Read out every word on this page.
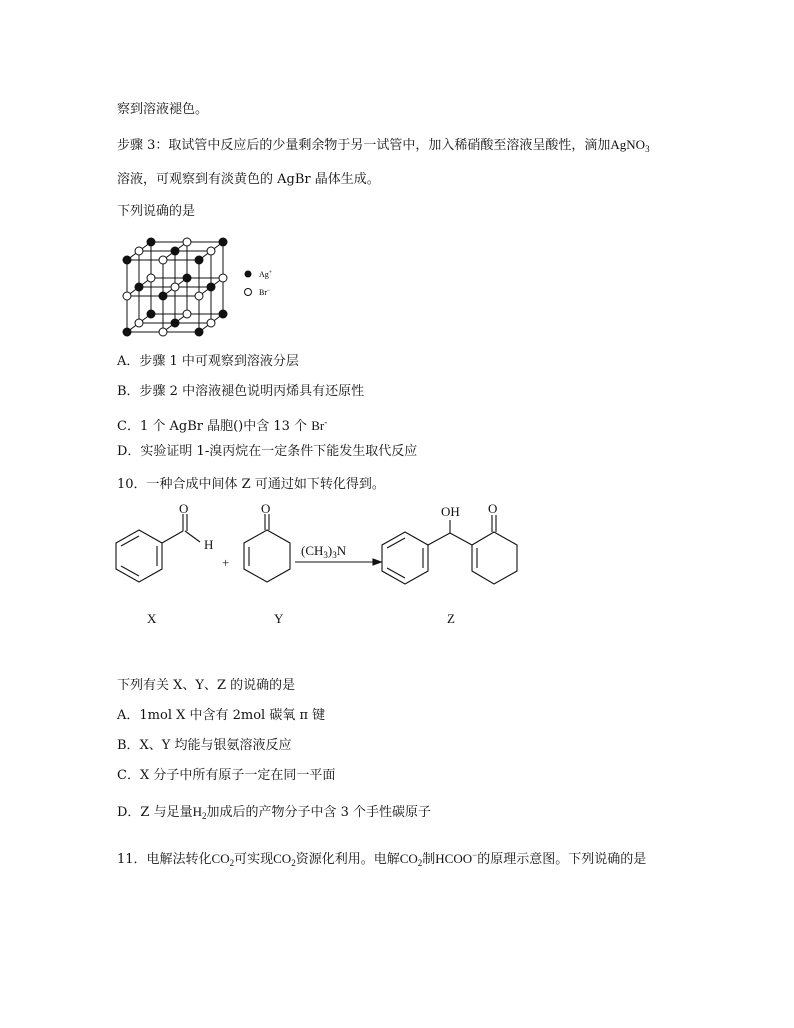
察到溶液褪色。
步骤 3：取试管中反应后的少量剩余物于另一试管中，加入稀硝酸至溶液呈酸性，滴加AgNO$_3$
溶液，可观察到有淡黄色的 AgBr 晶体生成。
下列说确的是
Ag+
Br−
A．步骤 1 中可观察到溶液分层
B．步骤 2 中溶液褪色说明丙烯具有还原性
C．1 个 AgBr 晶胞()中含 13 个 Br-
D．实验证明 1-溴丙烷在一定条件下能发生取代反应
10．一种合成中间体 Z 可通过如下转化得到。
O
H
+
O
$(CH_3)_3N$
OH O
X	Y	Z
下列有关 X、Y、Z 的说确的是
A．1mol X 中含有 2mol 碳氧 π 键
B．X、Y 均能与银氨溶液反应
C．X 分子中所有原子一定在同一平面
D．Z 与足量$H_2$加成后的产物分子中含 3 个手性碳原子
11．电解法转化$CO_2$可实现$CO_2$资源化利用。电解$CO_2$制HCOO−的原理示意图。下列说确的是
